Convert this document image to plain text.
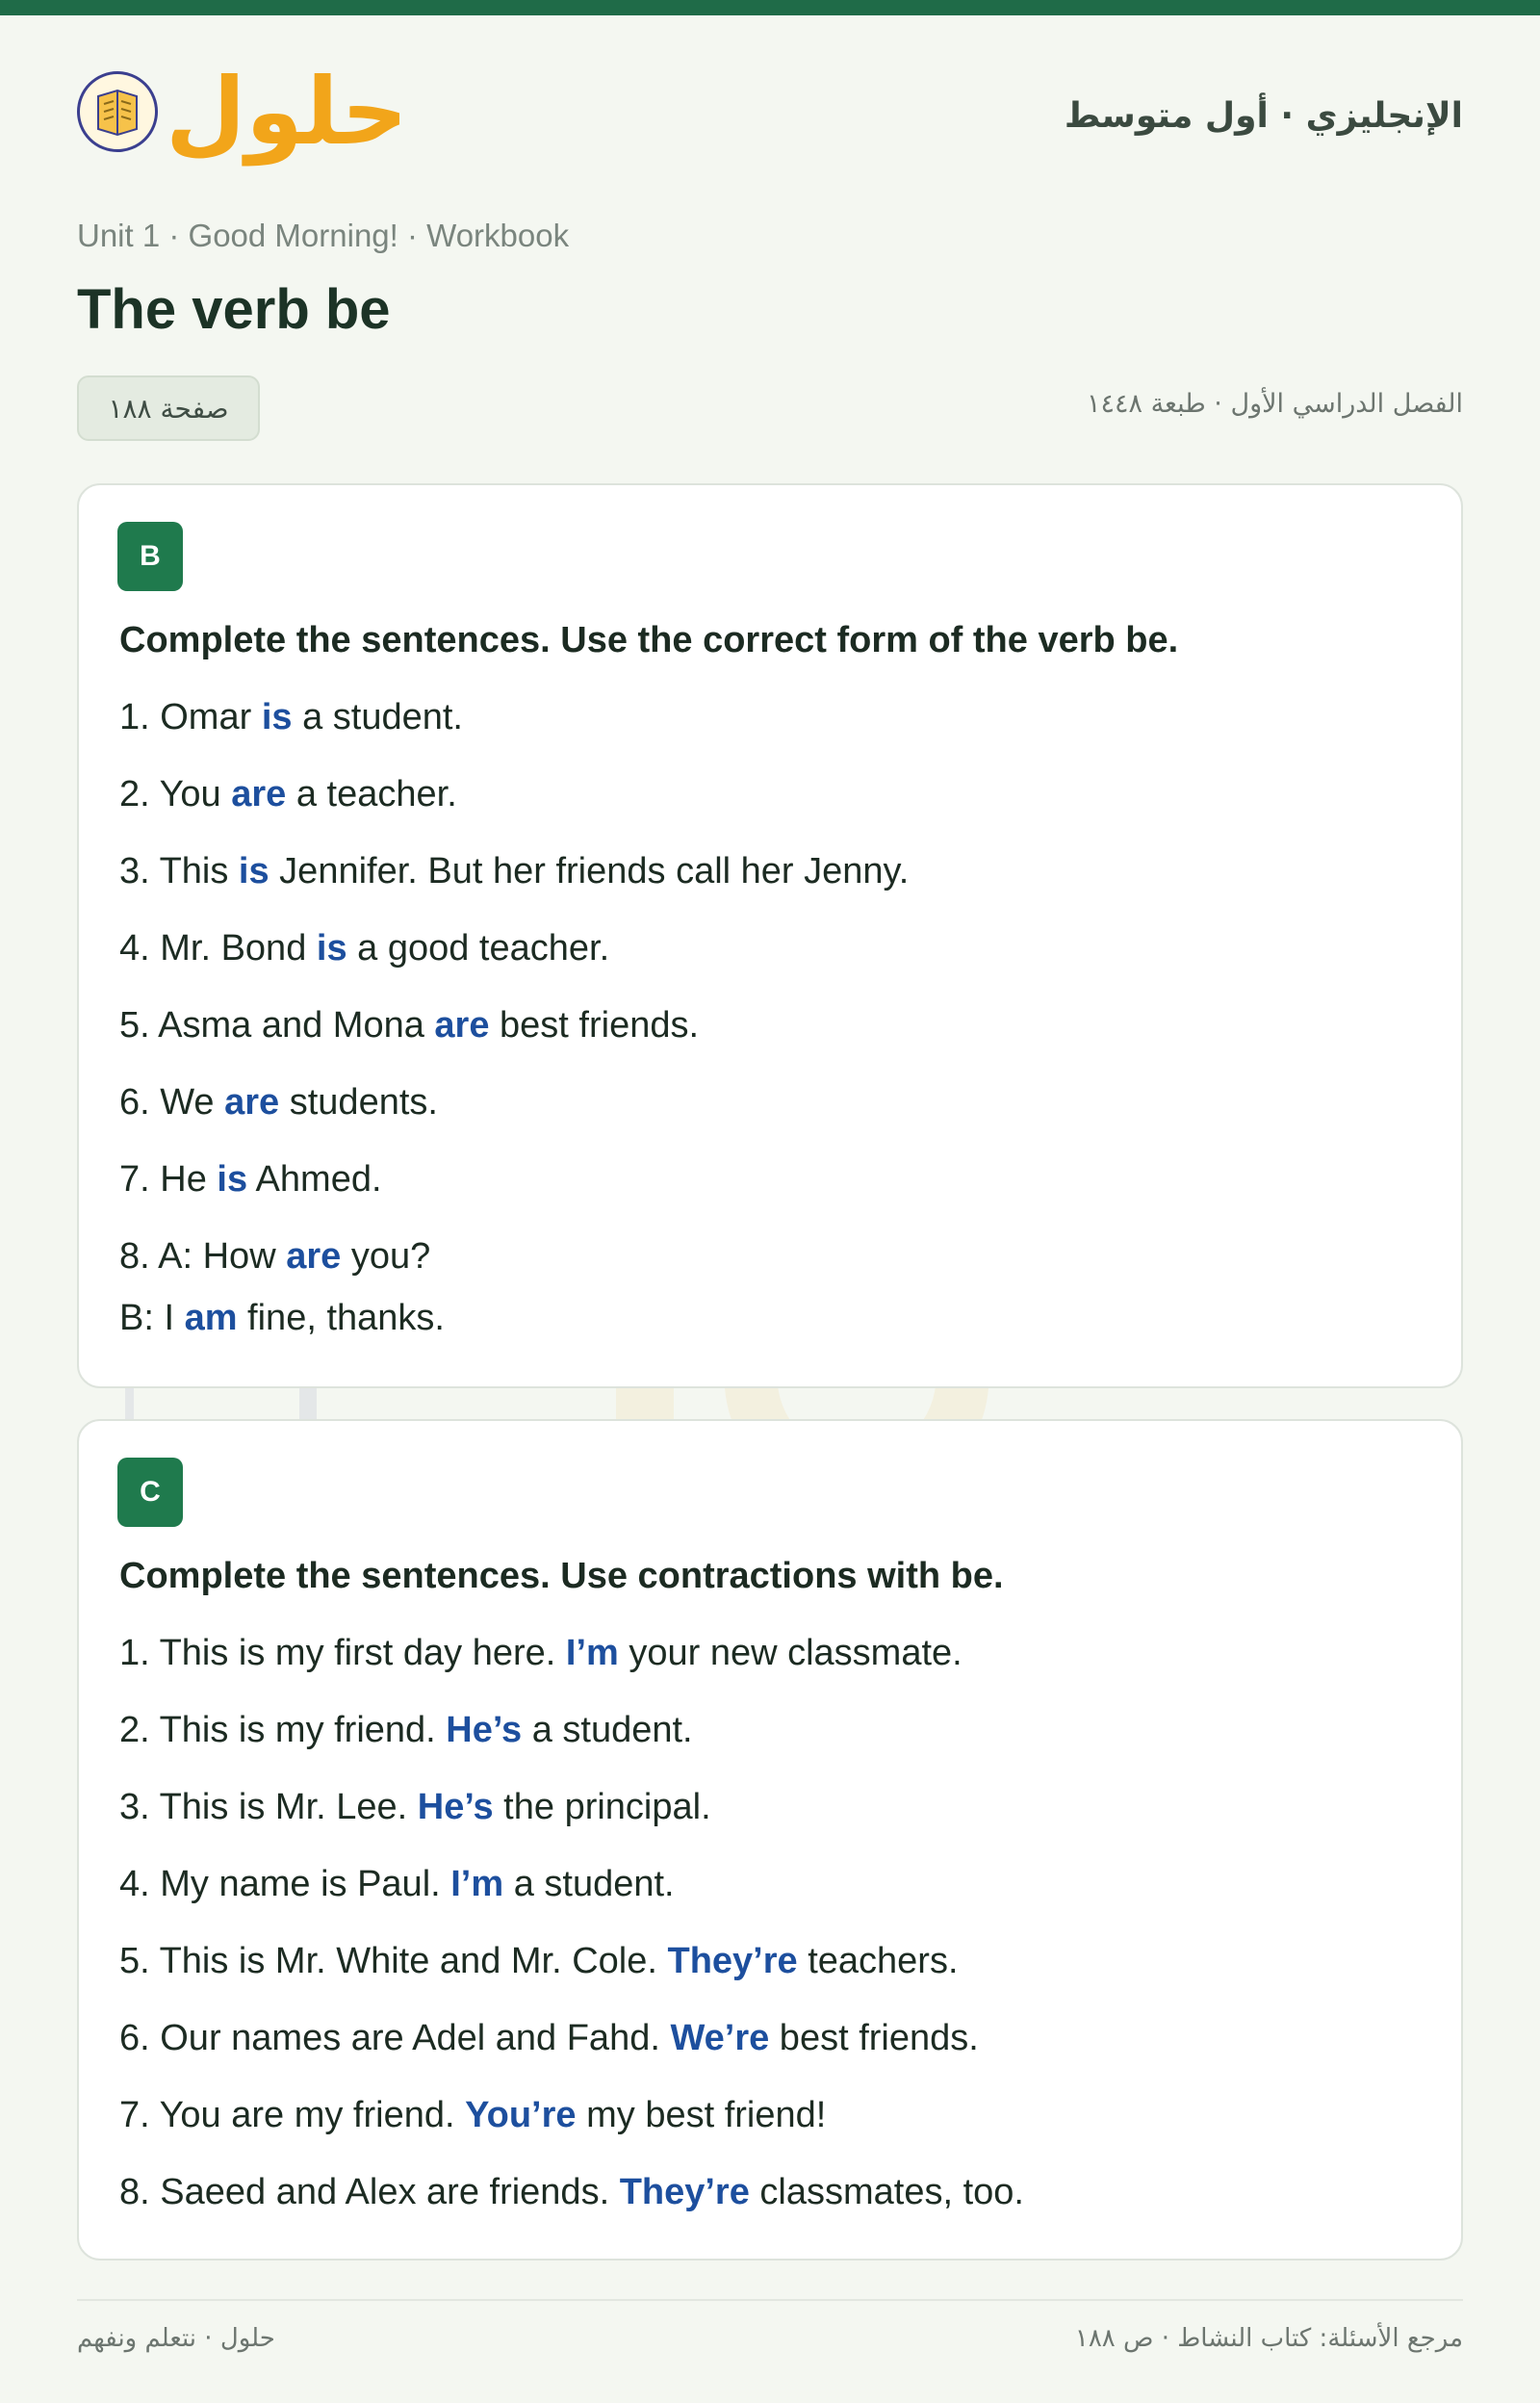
حلول	الإنجليزي · أول متوسط
Unit 1 · Good Morning! · Workbook
The verb be
صفحة ١٨٨	الفصل الدراسي الأول · طبعة ١٤٤٨
B
Complete the sentences. Use the correct form of the verb be.
1. Omar is a student.
2. You are a teacher.
3. This is Jennifer. But her friends call her Jenny.
4. Mr. Bond is a good teacher.
5. Asma and Mona are best friends.
6. We are students.
7. He is Ahmed.
8. A: How are you?
B: I am fine, thanks.
C
Complete the sentences. Use contractions with be.
1. This is my first day here. I’m your new classmate.
2. This is my friend. He’s a student.
3. This is Mr. Lee. He’s the principal.
4. My name is Paul. I’m a student.
5. This is Mr. White and Mr. Cole. They’re teachers.
6. Our names are Adel and Fahd. We’re best friends.
7. You are my friend. You’re my best friend!
8. Saeed and Alex are friends. They’re classmates, too.
حلول · نتعلم ونفهم	مرجع الأسئلة: كتاب النشاط · ص ١٨٨
